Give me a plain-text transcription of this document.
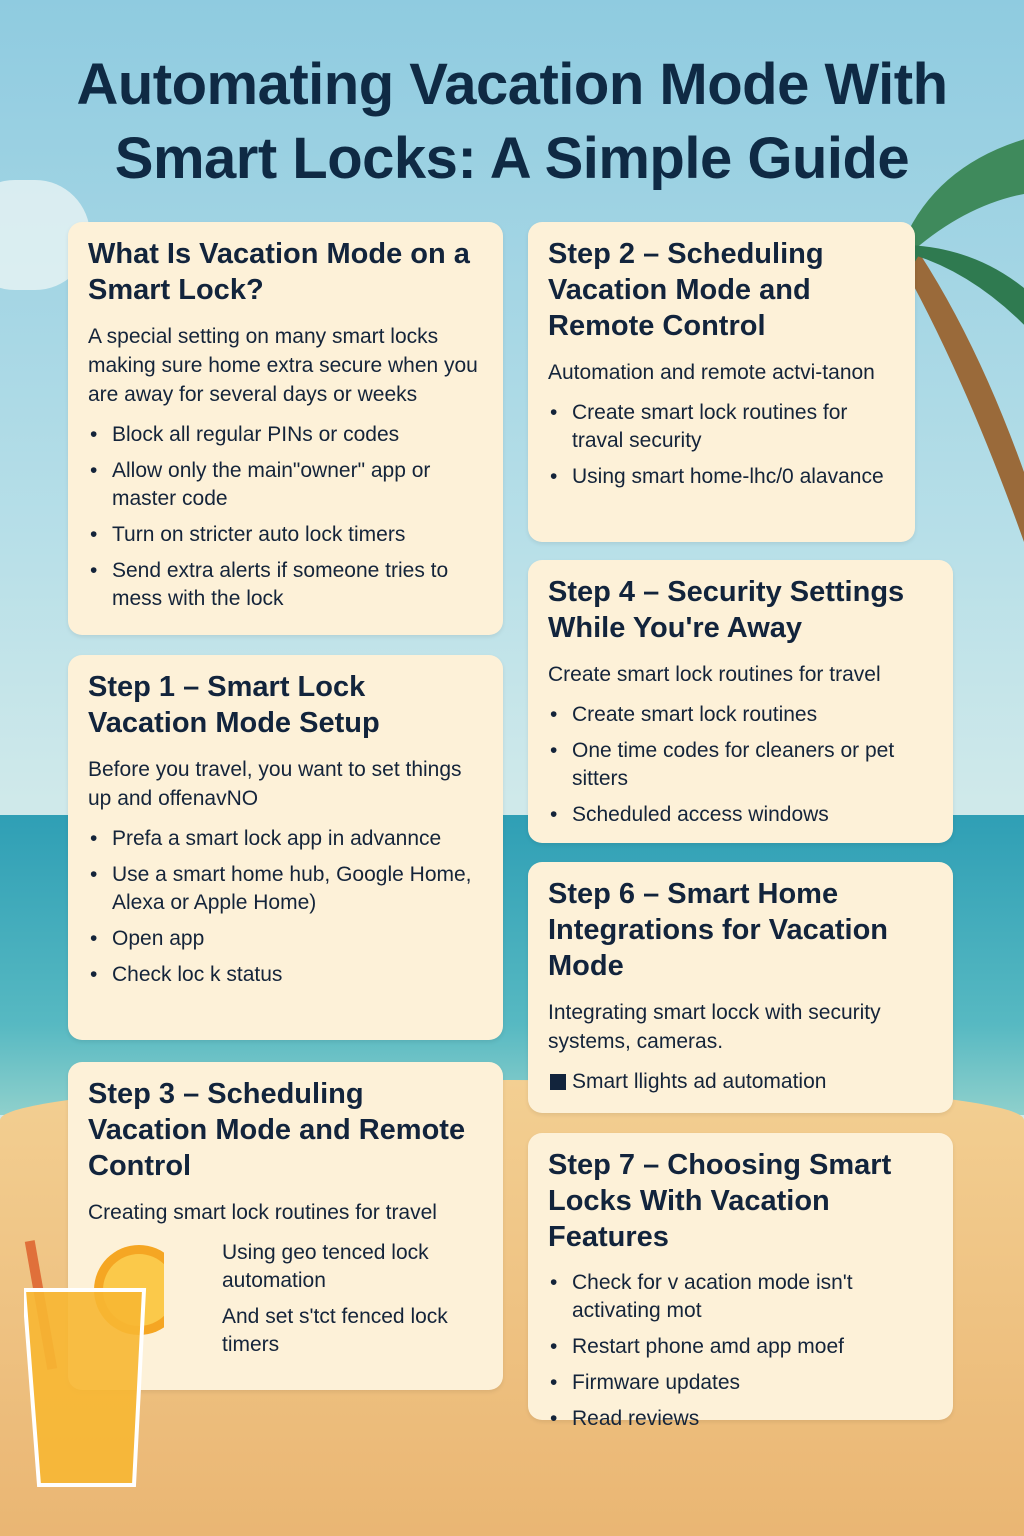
Automating Vacation Mode With Smart Locks: A Simple Guide
What Is Vacation Mode on a Smart Lock?

A special setting on many smart locks making sure home extra secure when you are away for several days or weeks

• Block all regular PINs or codes
• Allow only the main"owner" app or master code
• Turn on stricter auto lock timers
• Send extra alerts if someone tries to mess with the lock
Step 2 – Scheduling Vacation Mode and Remote Control

Automation and remote actvi-tanon

• Create smart lock routines for traval security
• Using smart home-lhc/0 alavance
Step 1 – Smart Lock Vacation Mode Setup

Before you travel, you want to set things up and offenavNO

• Prefa a smart lock app in advannce
• Use a smart home hub, Google Home, Alexa or Apple Home)
• Open app
• Check loc k status
Step 4 – Security Settings While You're Away

Create smart lock routines for travel

• Create smart lock routines
• One time codes for cleaners or pet sitters
• Scheduled access windows
Step 3 – Scheduling Vacation Mode and Remote Control

Creating smart lock routines for travel

Using geo tenced lock automation
And set s'tct fenced lock timers
Step 6 – Smart Home Integrations for Vacation Mode

Integrating smart locck with security systems, cameras.

Smart llights ad automation
Step 7 – Choosing Smart Locks With Vacation Features
• Check for v acation mode isn't activating mot
• Restart phone amd app moef
• Firmware updates
• Read reviews
